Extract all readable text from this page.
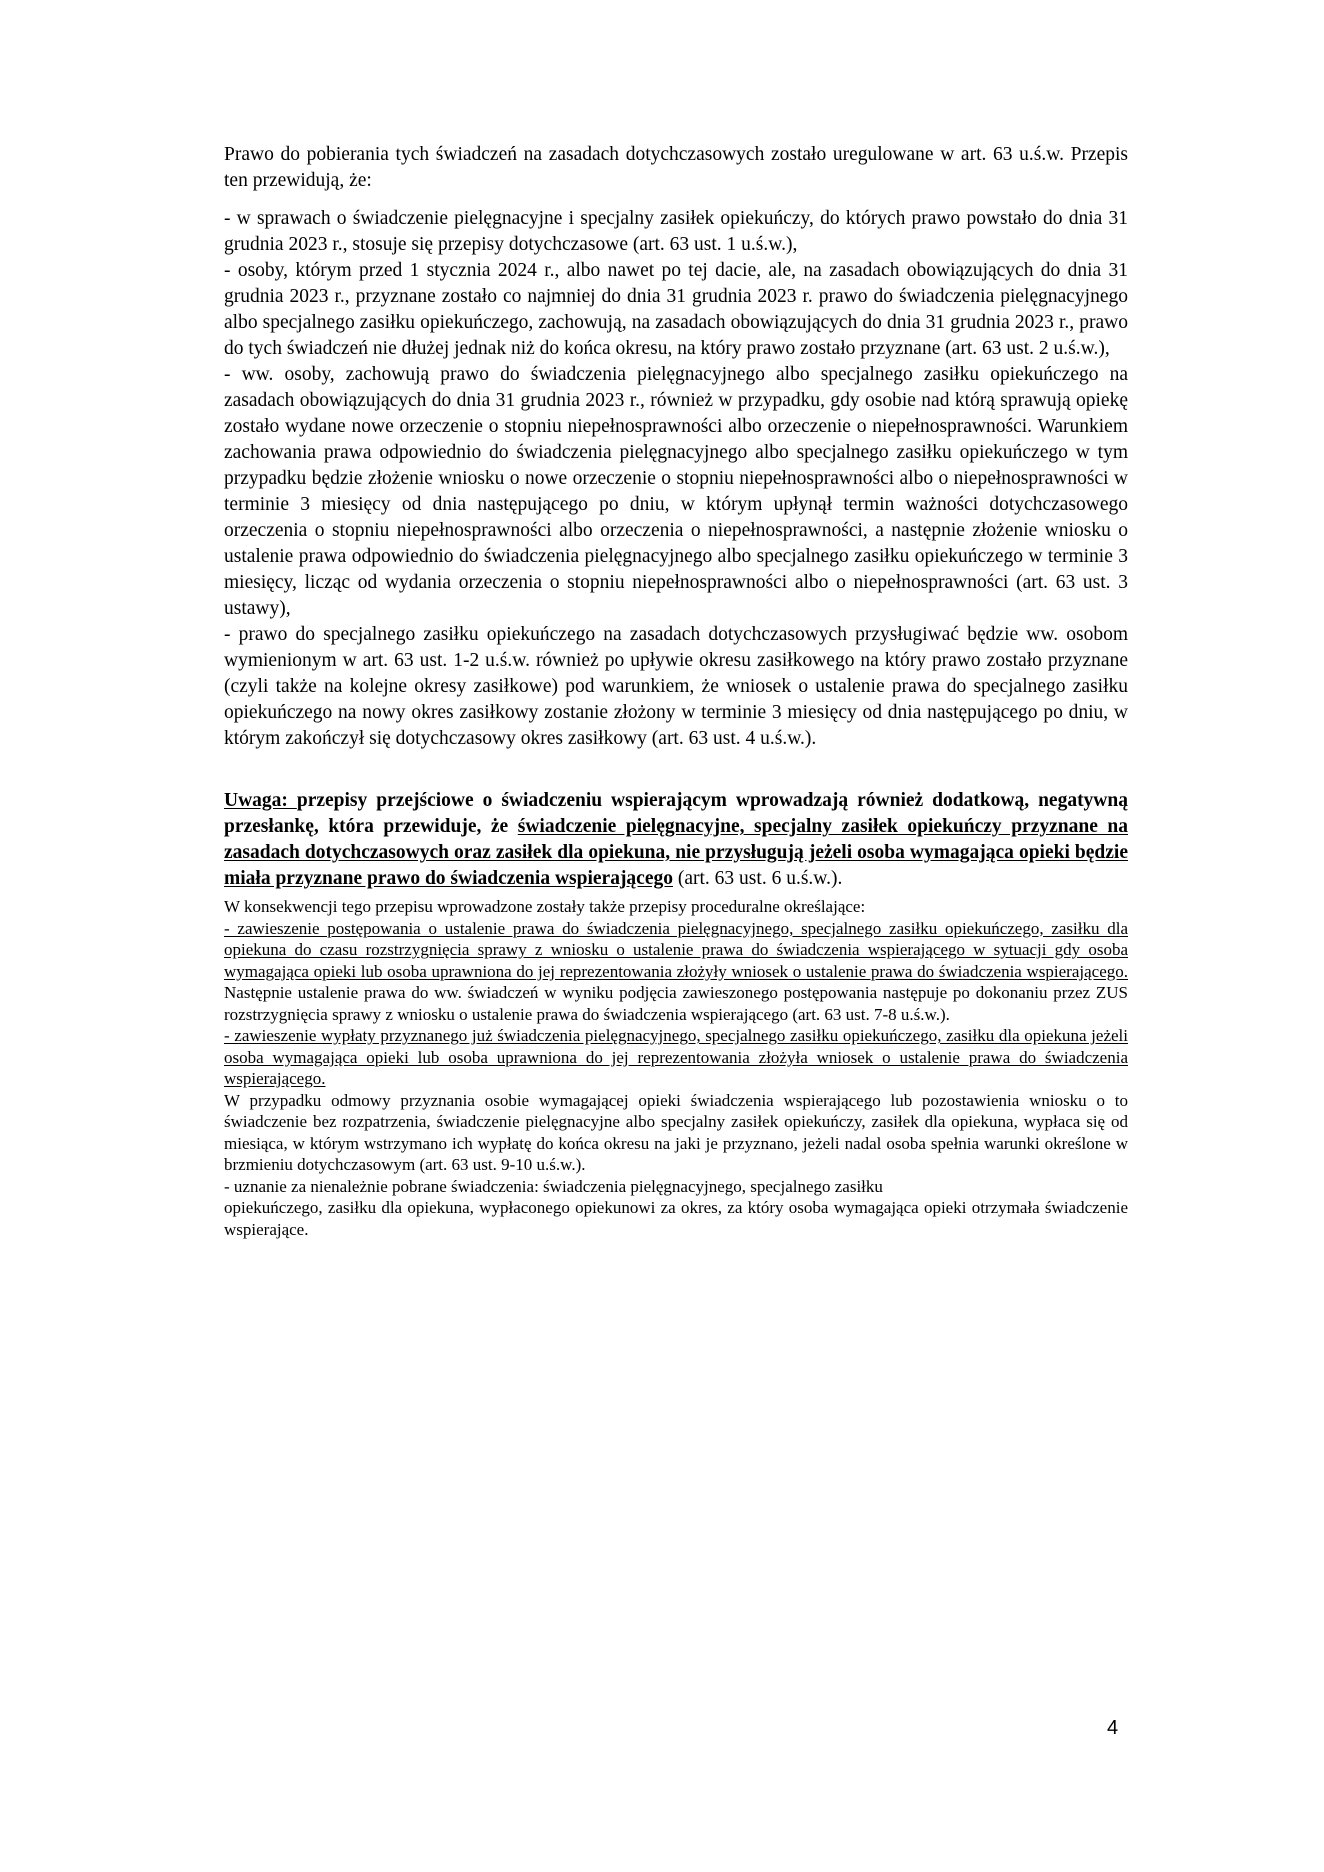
Prawo do pobierania tych świadczeń na zasadach dotychczasowych zostało uregulowane w art. 63 u.ś.w. Przepis ten przewidują, że:

- w sprawach o świadczenie pielęgnacyjne i specjalny zasiłek opiekuńczy, do których prawo powstało do dnia 31 grudnia 2023 r., stosuje się przepisy dotychczasowe (art. 63 ust. 1 u.ś.w.),

- osoby, którym przed 1 stycznia 2024 r., albo nawet po tej dacie, ale, na zasadach obowiązujących do dnia 31 grudnia 2023 r., przyznane zostało co najmniej do dnia 31 grudnia 2023 r. prawo do świadczenia pielęgnacyjnego albo specjalnego zasiłku opiekuńczego, zachowują, na zasadach obowiązujących do dnia 31 grudnia 2023 r., prawo do tych świadczeń nie dłużej jednak niż do końca okresu, na który prawo zostało przyznane (art. 63 ust. 2 u.ś.w.),

- ww. osoby, zachowują prawo do świadczenia pielęgnacyjnego albo specjalnego zasiłku opiekuńczego na zasadach obowiązujących do dnia 31 grudnia 2023 r., również w przypadku, gdy osobie nad którą sprawują opiekę zostało wydane nowe orzeczenie o stopniu niepełnosprawności albo orzeczenie o niepełnosprawności. Warunkiem zachowania prawa odpowiednio do świadczenia pielęgnacyjnego albo specjalnego zasiłku opiekuńczego w tym przypadku będzie złożenie wniosku o nowe orzeczenie o stopniu niepełnosprawności albo o niepełnosprawności w terminie 3 miesięcy od dnia następującego po dniu, w którym upłynął termin ważności dotychczasowego orzeczenia o stopniu niepełnosprawności albo orzeczenia o niepełnosprawności, a następnie złożenie wniosku o ustalenie prawa odpowiednio do świadczenia pielęgnacyjnego albo specjalnego zasiłku opiekuńczego w terminie 3 miesięcy, licząc od wydania orzeczenia o stopniu niepełnosprawności albo o niepełnosprawności (art. 63 ust. 3 ustawy),

- prawo do specjalnego zasiłku opiekuńczego na zasadach dotychczasowych przysługiwać będzie ww. osobom wymienionym w art. 63 ust. 1-2 u.ś.w. również po upływie okresu zasiłkowego na który prawo zostało przyznane (czyli także na kolejne okresy zasiłkowe) pod warunkiem, że wniosek o ustalenie prawa do specjalnego zasiłku opiekuńczego na nowy okres zasiłkowy zostanie złożony w terminie 3 miesięcy od dnia następującego po dniu, w którym zakończył się dotychczasowy okres zasiłkowy (art. 63 ust. 4 u.ś.w.).

Uwaga: przepisy przejściowe o świadczeniu wspierającym wprowadzają również dodatkową, negatywną przesłankę, która przewiduje, że świadczenie pielęgnacyjne, specjalny zasiłek opiekuńczy przyznane na zasadach dotychczasowych oraz zasiłek dla opiekuna, nie przysługują jeżeli osoba wymagająca opieki będzie miała przyznane prawo do świadczenia wspierającego (art. 63 ust. 6 u.ś.w.).

W konsekwencji tego przepisu wprowadzone zostały także przepisy proceduralne określające:

- zawieszenie postępowania o ustalenie prawa do świadczenia pielęgnacyjnego, specjalnego zasiłku opiekuńczego, zasiłku dla opiekuna do czasu rozstrzygnięcia sprawy z wniosku o ustalenie prawa do świadczenia wspierającego w sytuacji gdy osoba wymagająca opieki lub osoba uprawniona do jej reprezentowania złożyły wniosek o ustalenie prawa do świadczenia wspierającego. Następnie ustalenie prawa do ww. świadczeń w wyniku podjęcia zawieszonego postępowania następuje po dokonaniu przez ZUS rozstrzygnięcia sprawy z wniosku o ustalenie prawa do świadczenia wspierającego (art. 63 ust. 7-8 u.ś.w.).

- zawieszenie wypłaty przyznanego już świadczenia pielęgnacyjnego, specjalnego zasiłku opiekuńczego, zasiłku dla opiekuna jeżeli osoba wymagająca opieki lub osoba uprawniona do jej reprezentowania złożyła wniosek o ustalenie prawa do świadczenia wspierającego.

W przypadku odmowy przyznania osobie wymagającej opieki świadczenia wspierającego lub pozostawienia wniosku o to świadczenie bez rozpatrzenia, świadczenie pielęgnacyjne albo specjalny zasiłek opiekuńczy, zasiłek dla opiekuna, wypłaca się od miesiąca, w którym wstrzymano ich wypłatę do końca okresu na jaki je przyznano, jeżeli nadal osoba spełnia warunki określone w brzmieniu dotychczasowym (art. 63 ust. 9-10 u.ś.w.).

- uznanie za nienależnie pobrane świadczenia: świadczenia pielęgnacyjnego, specjalnego zasiłku

opiekuńczego, zasiłku dla opiekuna, wypłaconego opiekunowi za okres, za który osoba wymagająca opieki otrzymała świadczenie wspierające.

4
